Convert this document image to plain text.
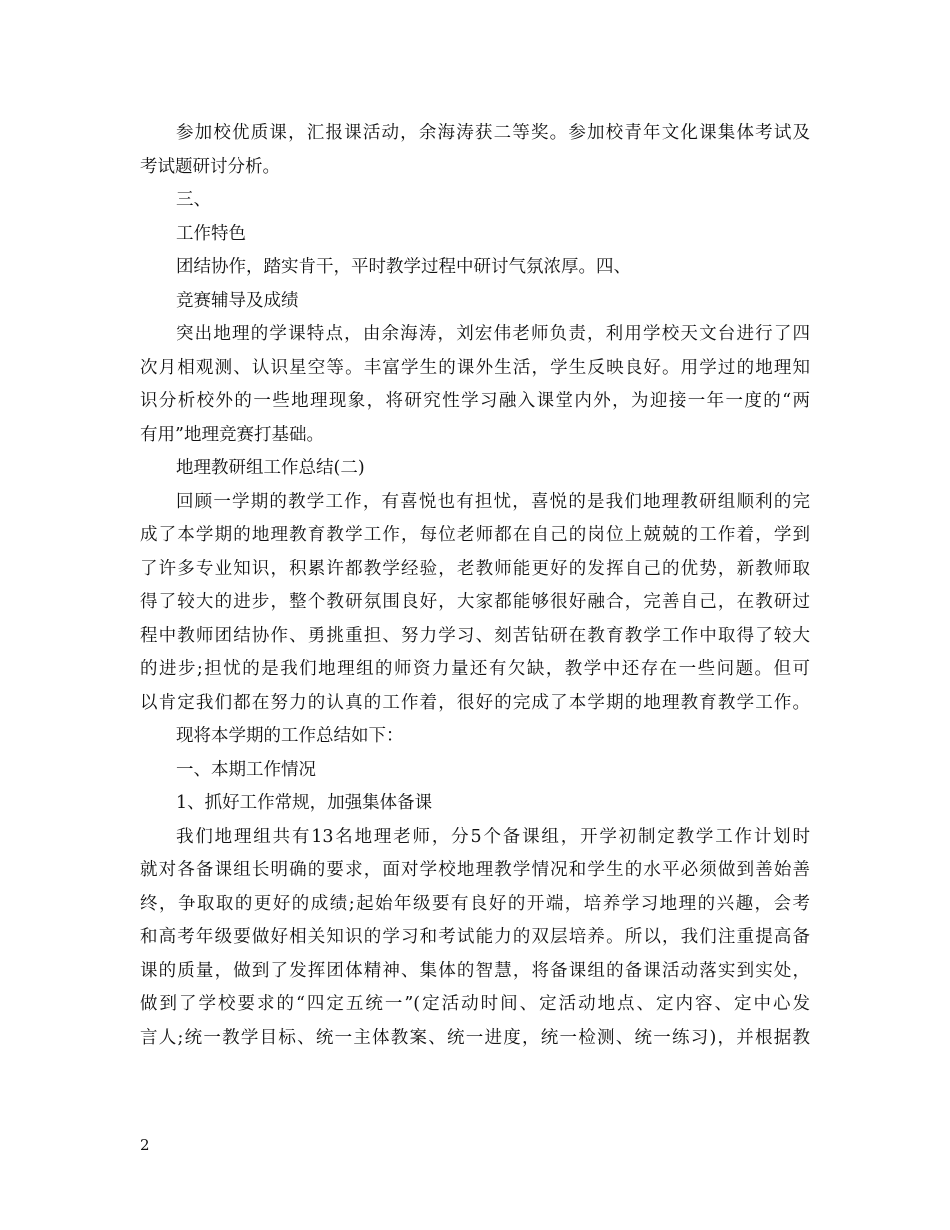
参加校优质课，汇报课活动，余海涛获二等奖。参加校青年文化课集体考试及
考试题研讨分析。
三、
工作特色
团结协作，踏实肯干，平时教学过程中研讨气氛浓厚。四、
竞赛辅导及成绩
突出地理的学课特点，由余海涛，刘宏伟老师负责，利用学校天文台进行了四
次月相观测、认识星空等。丰富学生的课外生活，学生反映良好。用学过的地理知
识分析校外的一些地理现象，将研究性学习融入课堂内外，为迎接一年一度的“两
有用”地理竞赛打基础。
地理教研组工作总结(二)
回顾一学期的教学工作，有喜悦也有担忧，喜悦的是我们地理教研组顺利的完
成了本学期的地理教育教学工作，每位老师都在自己的岗位上兢兢的工作着，学到
了许多专业知识，积累许都教学经验，老教师能更好的发挥自己的优势，新教师取
得了较大的进步，整个教研氛围良好，大家都能够很好融合，完善自己，在教研过
程中教师团结协作、勇挑重担、努力学习、刻苦钻研在教育教学工作中取得了较大
的进步;担忧的是我们地理组的师资力量还有欠缺，教学中还存在一些问题。但可
以肯定我们都在努力的认真的工作着，很好的完成了本学期的地理教育教学工作。
现将本学期的工作总结如下：
一、本期工作情况
1、抓好工作常规，加强集体备课
我们地理组共有13名地理老师，分5个备课组，开学初制定教学工作计划时
就对各备课组长明确的要求，面对学校地理教学情况和学生的水平必须做到善始善
终，争取取的更好的成绩;起始年级要有良好的开端，培养学习地理的兴趣，会考
和高考年级要做好相关知识的学习和考试能力的双层培养。所以，我们注重提高备
课的质量，做到了发挥团体精神、集体的智慧，将备课组的备课活动落实到实处，
做到了学校要求的“四定五统一”(定活动时间、定活动地点、定内容、定中心发
言人;统一教学目标、统一主体教案、统一进度，统一检测、统一练习)，并根据教
2
